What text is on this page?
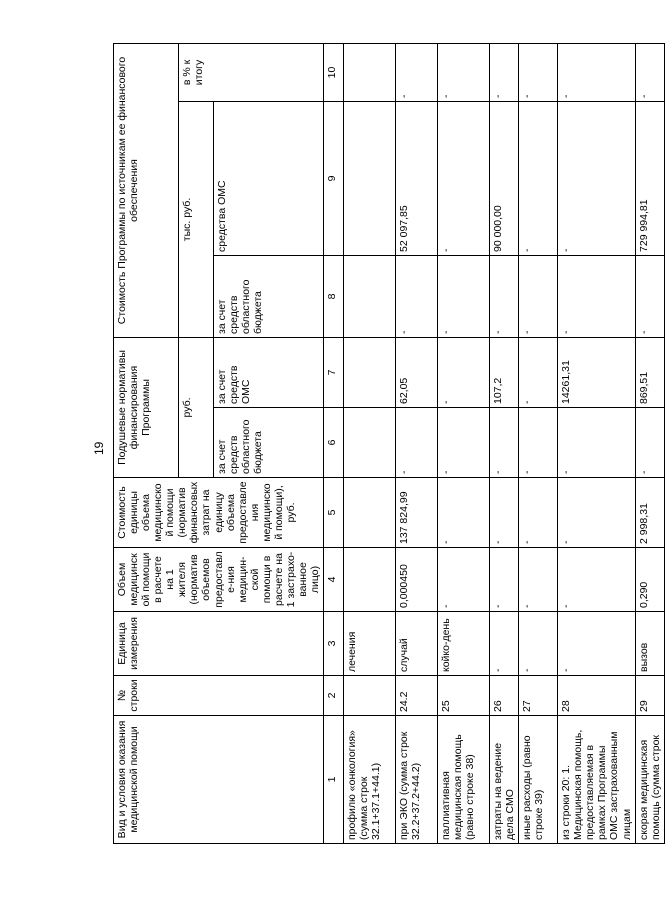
19
Вид и условия оказания медицинской помощи	№ строки	Единица измерения	Объем медицинской помощи в расчете на 1 жителя (норматив объемов предоставле-ния медицин-ской помощи в расчете на 1 застрахо-ванное лицо)	Стоимость единицы объема медицинской помощи (норматив финансовых затрат на единицу объема предоставления медицинской помощи), руб.	Подушевые нормативы финансирования Программы		Стоимость Программы по источникам ее финансового обеспечения		
					руб.		тыс. руб.		в % к итогу
					за счет средств областного бюджета	за счет средств ОМС	за счет средств областного бюджета	средства ОМС	
1	2	3	4	5	6	7	8	9	10
профилю «онкология» (сумма строк 32.1+37.1+44.1)		лечения							
при ЭКО (сумма строк 32.2+37.2+44.2)	24.2	случай	0,000450	137 824,99	-	62,05	-	52 097,85	-
паллиативная медицинская помощь (равно строке 38)	25	койко-день	-	-	-	-	-	-	-
затраты на ведение дела СМО	26	-	-	-	-	107,2	-	90 000,00	-
иные расходы (равно строке 39)	27	-	-	-	-	-	-	-	-
из строки 20: 1. Медицинская помощь, предоставляемая в рамках Программы ОМС застрахованным лицам	28	-	-	-	-	14261,31	-	-	-
скорая медицинская помощь (сумма строк	29	вызов	0,290	2 998,31	-	869,51	-	729 994,81	-
